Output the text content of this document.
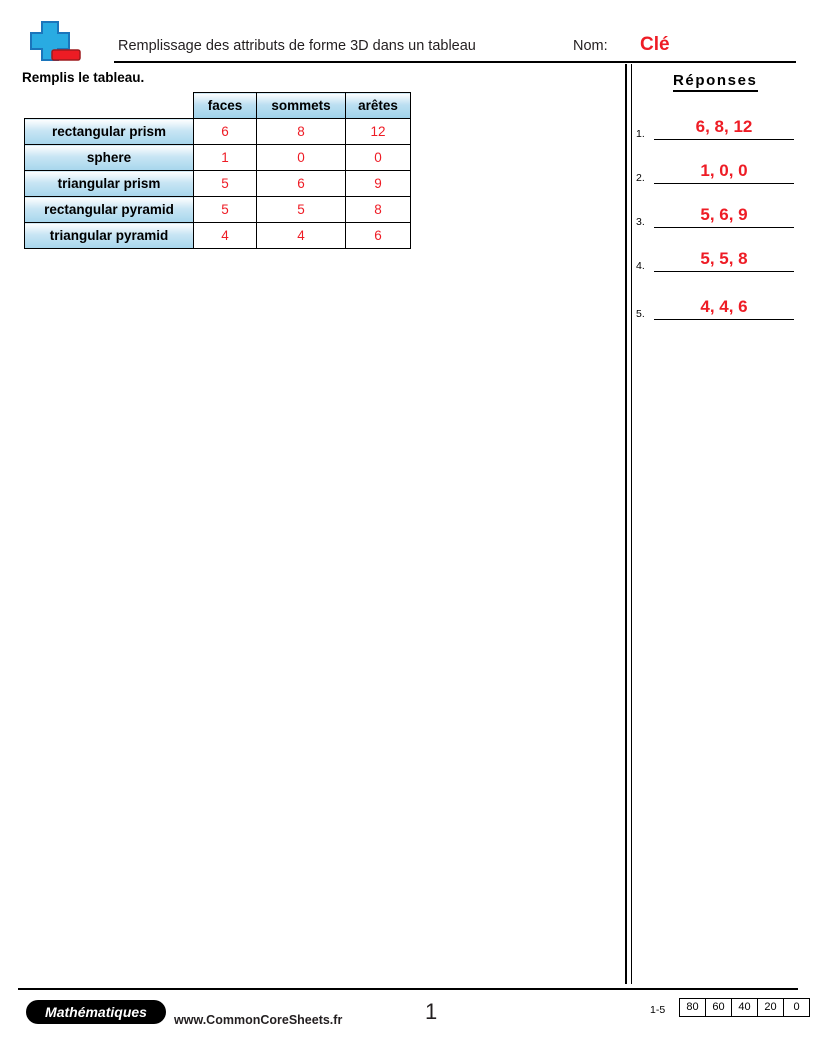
Remplissage des attributs de forme 3D dans un tableau	Nom: Clé
Remplis le tableau.
	faces	sommets	arêtes
rectangular prism	6	8	12
sphere	1	0	0
triangular prism	5	6	9
rectangular pyramid	5	5	8
triangular pyramid	4	4	6
Réponses
1.	6, 8, 12
2.	1, 0, 0
3.	5, 6, 9
4.	5, 5, 8
5.	4, 4, 6
Mathématiques	www.CommonCoreSheets.fr	1	1-5	80	60	40	20	0
